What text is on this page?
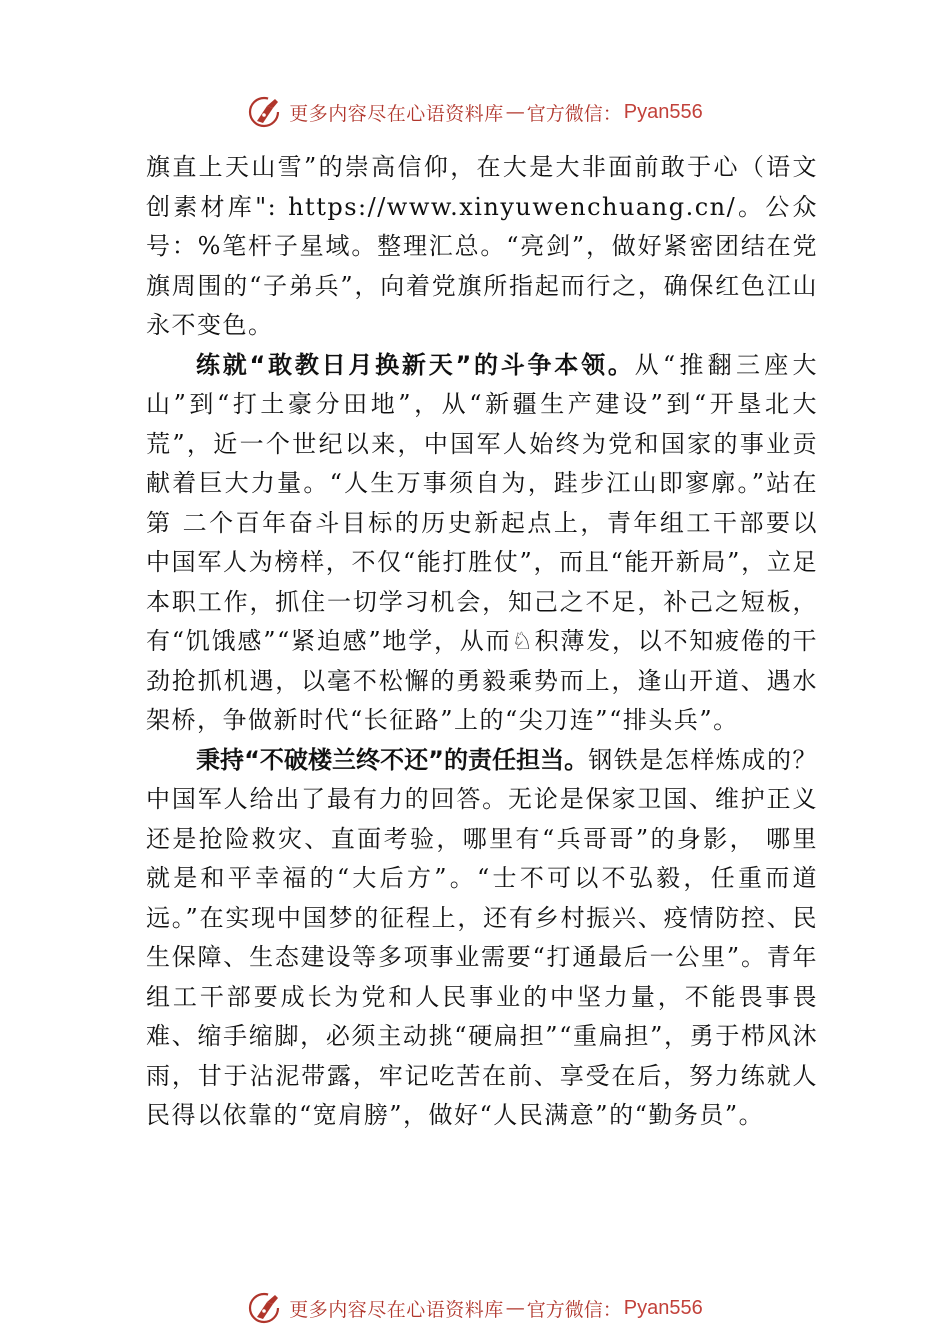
更多内容尽在心语资料库 — 官方微信： Pyan556

旗直上天山雪”的崇高信仰，在大是大非面前敢于心（语文创素材库": https://www.xinyuwenchuang.cn/。公众号：%笔杆子星域。整理汇总。“亮剑”，做好紧密团结在党旗周围的“子弟兵”，向着党旗所指起而行之，确保红色江山永不变色。

练就“敢教日月换新天”的斗争本领。从“推翻三座大山”到“打土豪分田地”，从“新疆生产建设”到“开垦北大荒”，近一个世纪以来，中国军人始终为党和国家的事业贡献着巨大力量。“人生万事须自为，跬步江山即寥廓。”站在第 二个百年奋斗目标的历史新起点上，青年组工干部要以中国军人为榜样，不仅“能打胜仗”，而且“能开新局”，立足本职工作，抓住一切学习机会，知己之不足，补己之短板，有“饥饿感”“紧迫感”地学，从而♘积薄发，以不知疲倦的干劲抢抓机遇，以毫不松懈的勇毅乘势而上，逢山开道、遇水架桥，争做新时代“长征路”上的“尖刀连”“排头兵”。

秉持“不破楼兰终不还”的责任担当。钢铁是怎样炼成的？中国军人给出了最有力的回答。无论是保家卫国、维护正义还是抢险救灾、直面考验，哪里有“兵哥哥”的身影， 哪里就是和平幸福的“大后方”。“士不可以不弘毅，任重而道远。”在实现中国梦的征程上，还有乡村振兴、疫情防控、民生保障、生态建设等多项事业需要“打通最后一公里”。青年组工干部要成长为党和人民事业的中坚力量，不能畏事畏难、缩手缩脚，必须主动挑“硬扁担”“重扁担”，勇于栉风沐雨，甘于沾泥带露，牢记吃苦在前、享受在后，努力练就人民得以依靠的“宽肩膀”，做好“人民满意”的“勤务员”。

更多内容尽在心语资料库 — 官方微信： Pyan556
